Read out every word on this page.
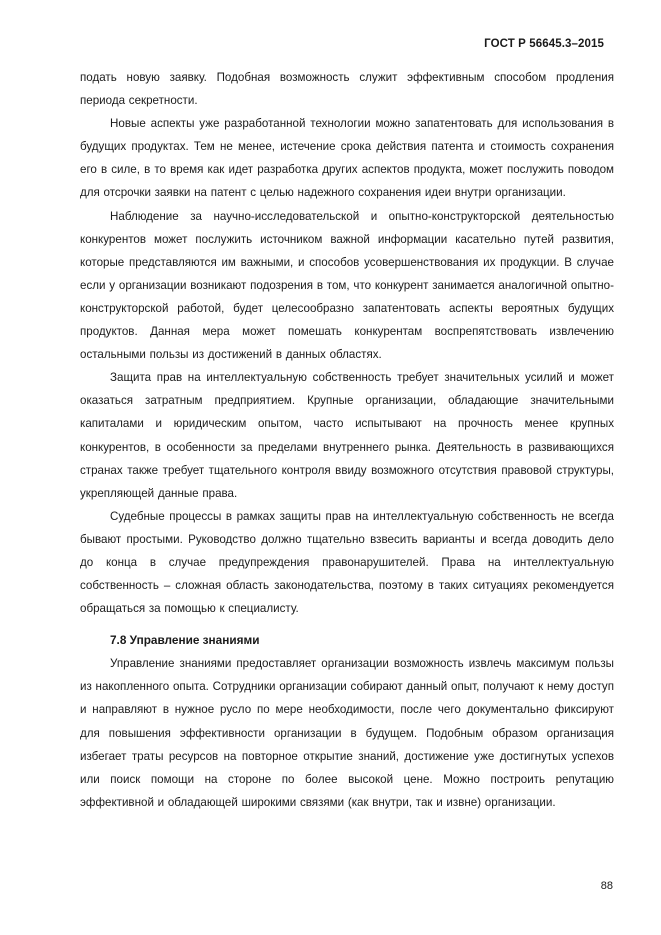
ГОСТ Р 56645.3–2015

подать новую заявку. Подобная возможность служит эффективным способом продления периода секретности.

Новые аспекты уже разработанной технологии можно запатентовать для использования в будущих продуктах. Тем не менее, истечение срока действия патента и стоимость сохранения его в силе, в то время как идет разработка других аспектов продукта, может послужить поводом для отсрочки заявки на патент с целью надежного сохранения идеи внутри организации.

Наблюдение за научно-исследовательской и опытно-конструкторской деятельностью конкурентов может послужить источником важной информации касательно путей развития, которые представляются им важными, и способов усовершенствования их продукции. В случае если у организации возникают подозрения в том, что конкурент занимается аналогичной опытно-конструкторской работой, будет целесообразно запатентовать аспекты вероятных будущих продуктов. Данная мера может помешать конкурентам воспрепятствовать извлечению остальными пользы из достижений в данных областях.

Защита прав на интеллектуальную собственность требует значительных усилий и может оказаться затратным предприятием. Крупные организации, обладающие значительными капиталами и юридическим опытом, часто испытывают на прочность менее крупных конкурентов, в особенности за пределами внутреннего рынка. Деятельность в развивающихся странах также требует тщательного контроля ввиду возможного отсутствия правовой структуры, укрепляющей данные права.

Судебные процессы в рамках защиты прав на интеллектуальную собственность не всегда бывают простыми. Руководство должно тщательно взвесить варианты и всегда доводить дело до конца в случае предупреждения правонарушителей. Права на интеллектуальную собственность – сложная область законодательства, поэтому в таких ситуациях рекомендуется обращаться за помощью к специалисту.

7.8 Управление знаниями

Управление знаниями предоставляет организации возможность извлечь максимум пользы из накопленного опыта. Сотрудники организации собирают данный опыт, получают к нему доступ и направляют в нужное русло по мере необходимости, после чего документально фиксируют для повышения эффективности организации в будущем. Подобным образом организация избегает траты ресурсов на повторное открытие знаний, достижение уже достигнутых успехов или поиск помощи на стороне по более высокой цене. Можно построить репутацию эффективной и обладающей широкими связями (как внутри, так и извне) организации.

88
